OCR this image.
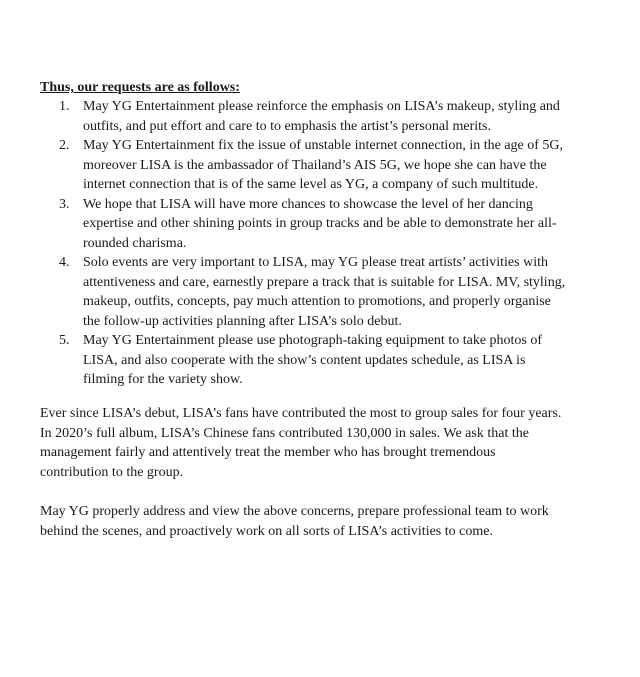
Thus, our requests are as follows:

1. May YG Entertainment please reinforce the emphasis on LISA’s makeup, styling and
outfits, and put effort and care to to emphasis the artist’s personal merits.
2. May YG Entertainment fix the issue of unstable internet connection, in the age of 5G,
moreover LISA is the ambassador of Thailand’s AIS 5G, we hope she can have the
internet connection that is of the same level as YG, a company of such multitude.
3. We hope that LISA will have more chances to showcase the level of her dancing
expertise and other shining points in group tracks and be able to demonstrate her all-
rounded charisma.
4. Solo events are very important to LISA, may YG please treat artists’ activities with
attentiveness and care, earnestly prepare a track that is suitable for LISA. MV, styling,
makeup, outfits, concepts, pay much attention to promotions, and properly organise
the follow-up activities planning after LISA’s solo debut.
5. May YG Entertainment please use photograph-taking equipment to take photos of
LISA, and also cooperate with the show’s content updates schedule, as LISA is
filming for the variety show.

Ever since LISA’s debut, LISA’s fans have contributed the most to group sales for four years.
In 2020’s full album, LISA’s Chinese fans contributed 130,000 in sales. We ask that the
management fairly and attentively treat the member who has brought tremendous
contribution to the group.

May YG properly address and view the above concerns, prepare professional team to work
behind the scenes, and proactively work on all sorts of LISA’s activities to come.
